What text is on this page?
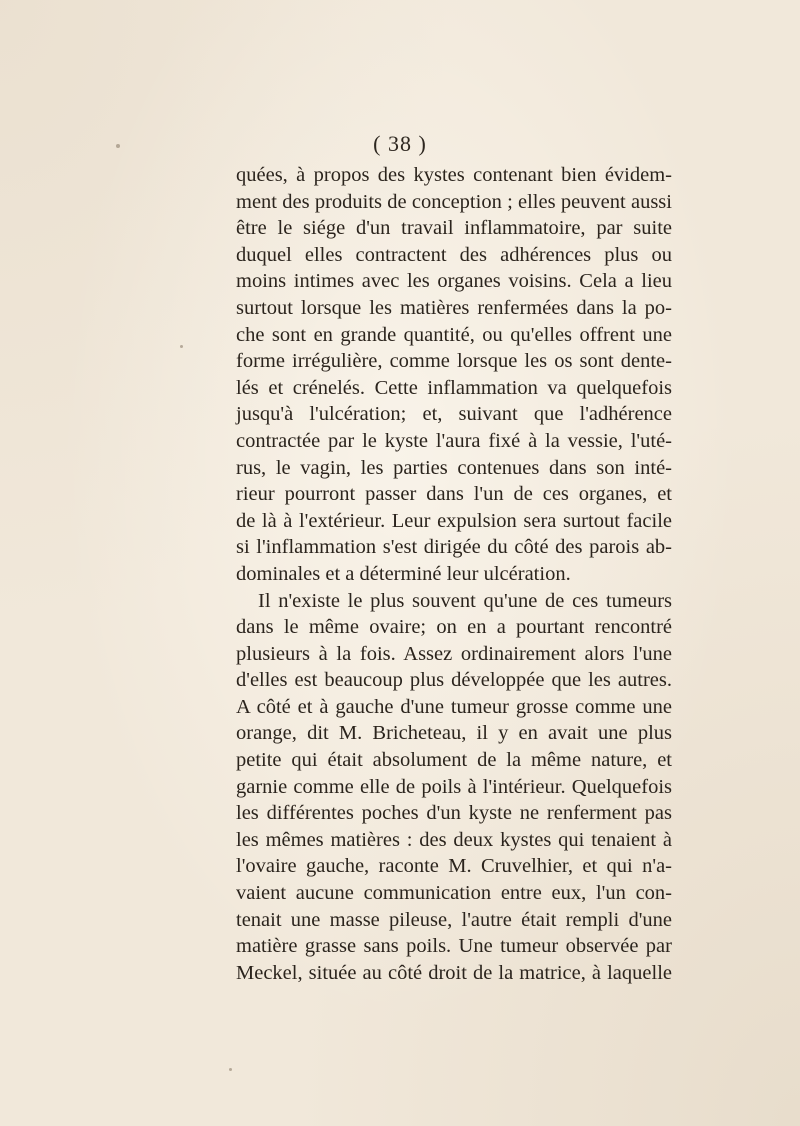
( 38 )
quées, à propos des kystes contenant bien évidem-
ment des produits de conception ; elles peuvent aussi
être le siége d'un travail inflammatoire, par suite
duquel elles contractent des adhérences plus ou
moins intimes avec les organes voisins. Cela a lieu
surtout lorsque les matières renfermées dans la po-
che sont en grande quantité, ou qu'elles offrent une
forme irrégulière, comme lorsque les os sont dente-
lés et crénelés. Cette inflammation va quelquefois
jusqu'à l'ulcération; et, suivant que l'adhérence
contractée par le kyste l'aura fixé à la vessie, l'uté-
rus, le vagin, les parties contenues dans son inté-
rieur pourront passer dans l'un de ces organes, et
de là à l'extérieur. Leur expulsion sera surtout facile
si l'inflammation s'est dirigée du côté des parois ab-
dominales et a déterminé leur ulcération.
Il n'existe le plus souvent qu'une de ces tumeurs
dans le même ovaire; on en a pourtant rencontré
plusieurs à la fois. Assez ordinairement alors l'une
d'elles est beaucoup plus développée que les autres.
A côté et à gauche d'une tumeur grosse comme une
orange, dit M. Bricheteau, il y en avait une plus
petite qui était absolument de la même nature, et
garnie comme elle de poils à l'intérieur. Quelquefois
les différentes poches d'un kyste ne renferment pas
les mêmes matières : des deux kystes qui tenaient à
l'ovaire gauche, raconte M. Cruvelhier, et qui n'a-
vaient aucune communication entre eux, l'un con-
tenait une masse pileuse, l'autre était rempli d'une
matière grasse sans poils. Une tumeur observée par
Meckel, située au côté droit de la matrice, à laquelle
